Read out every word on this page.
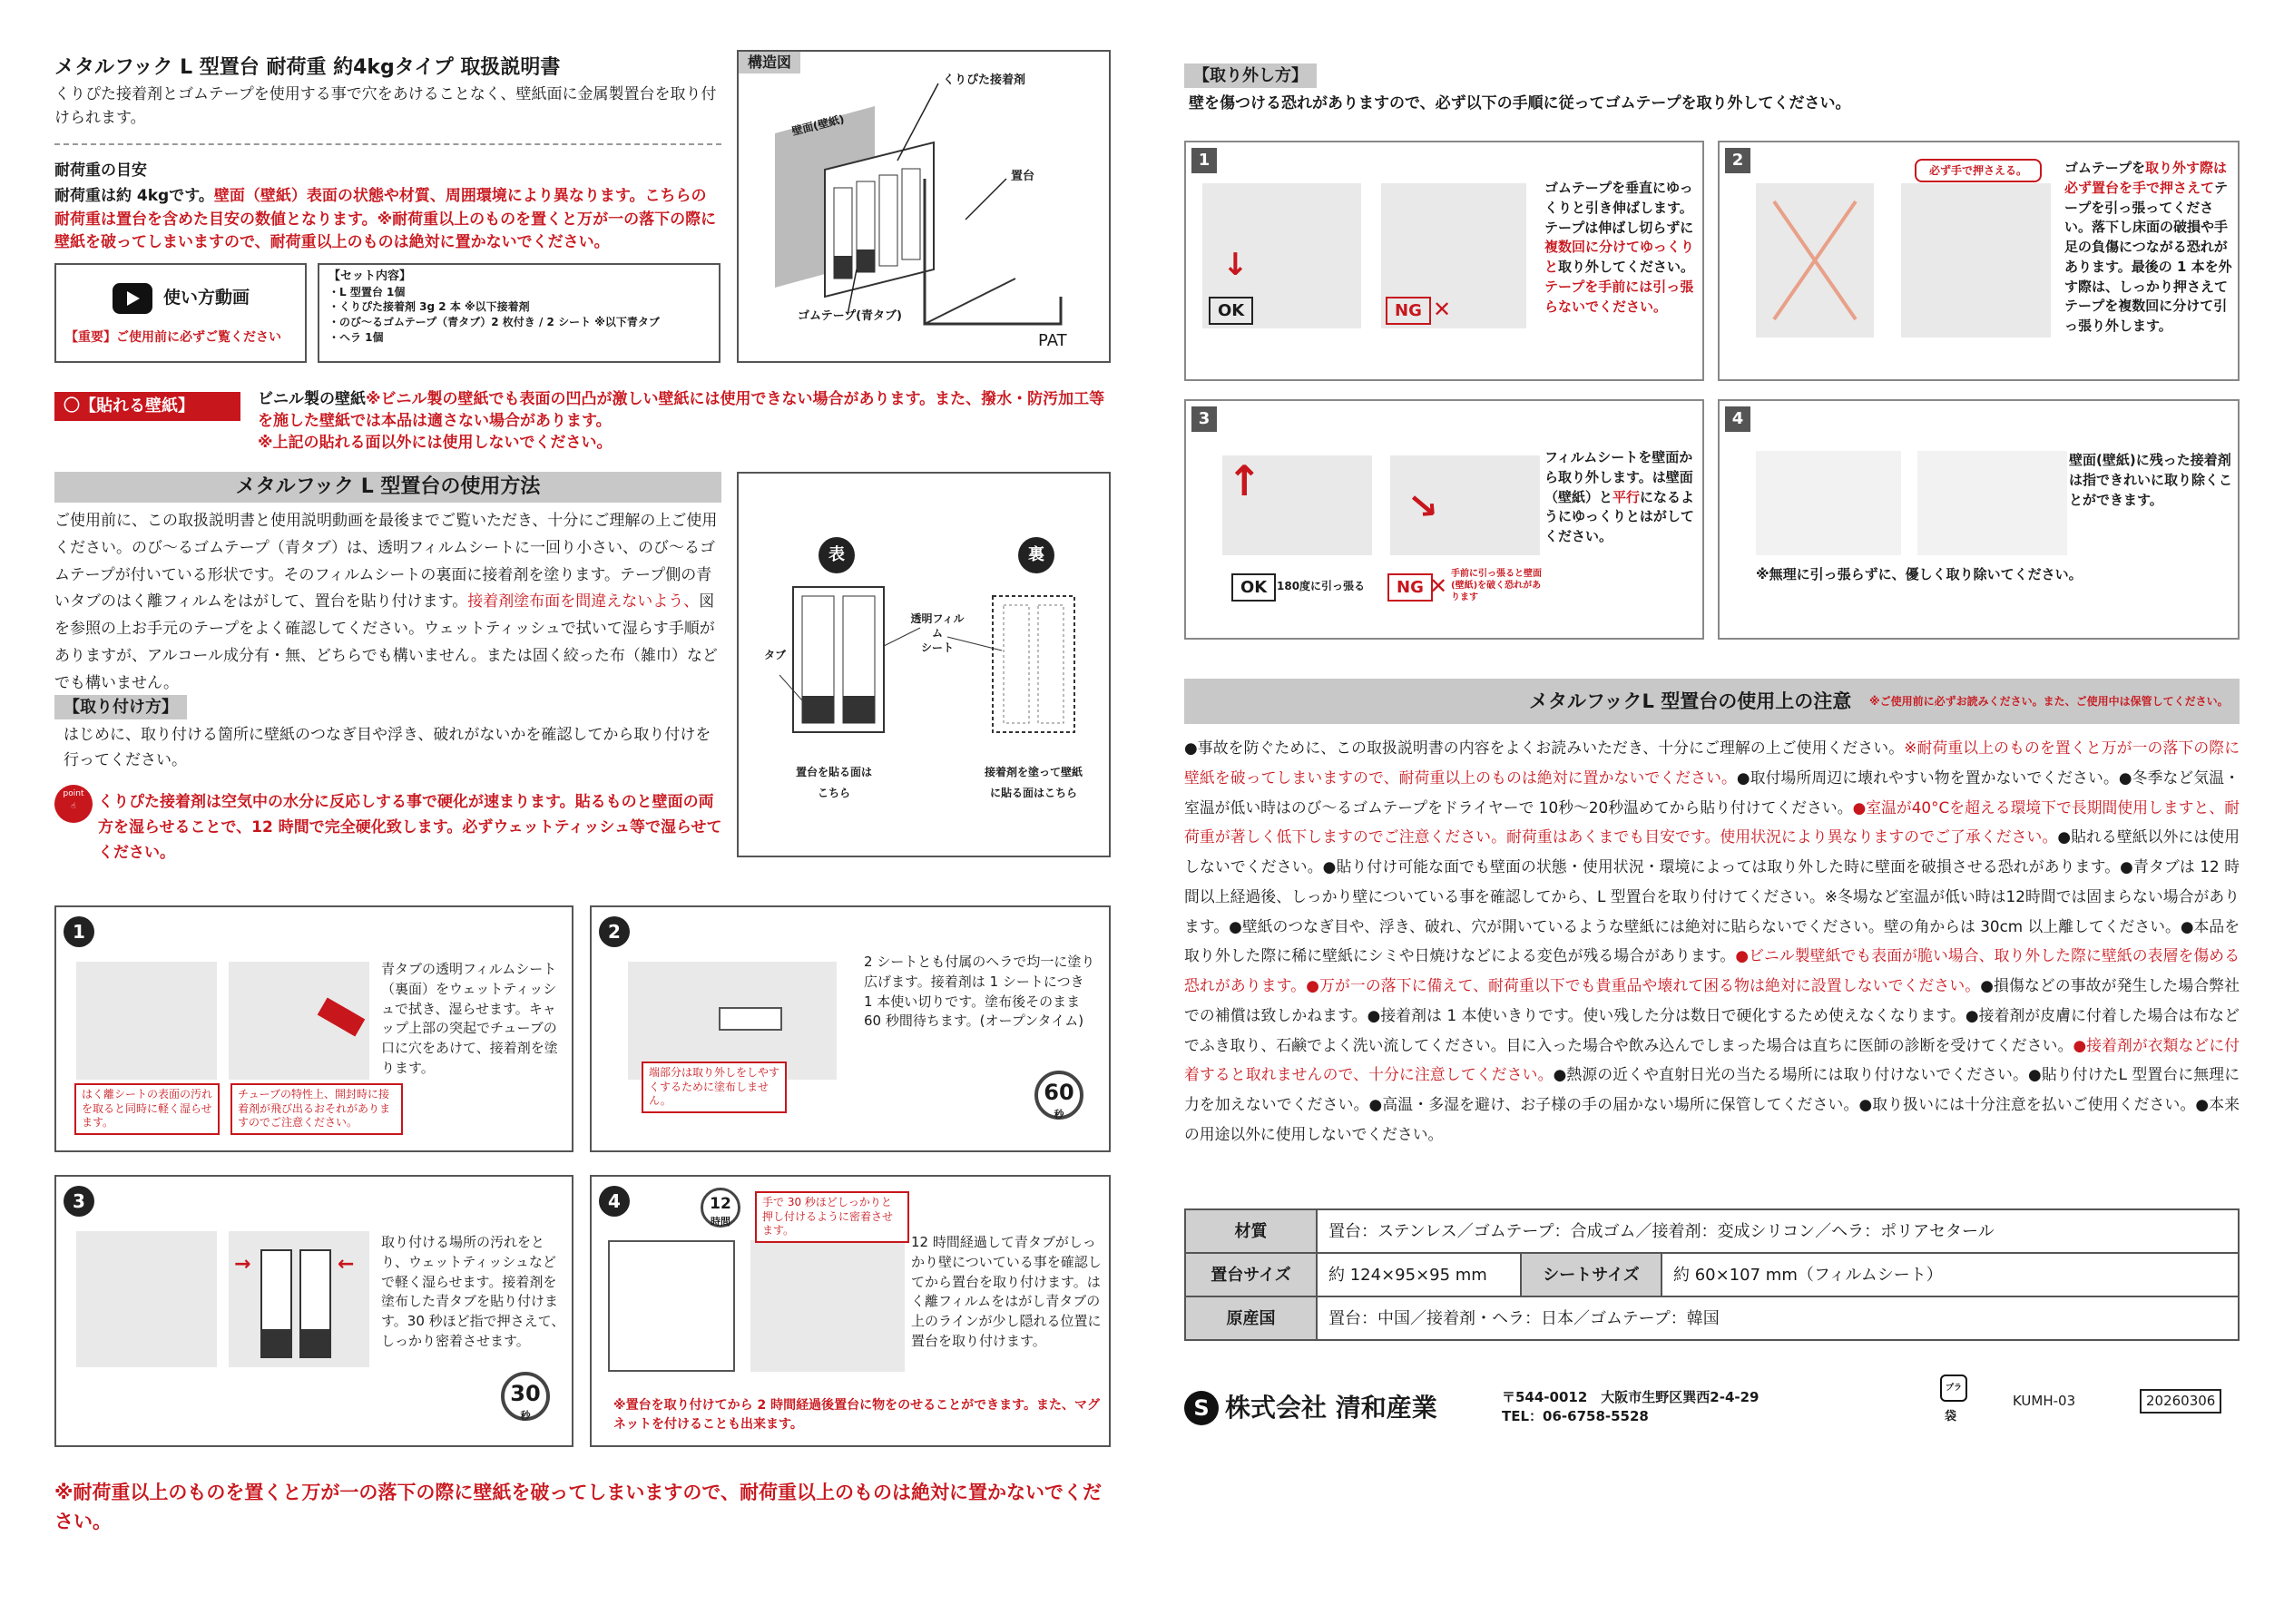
メタルフック L 型置台 耐荷重 約4kgタイプ 取扱説明書
くりぴた接着剤とゴムテープを使用する事で穴をあけることなく、壁紙面に金属製置台を取り付けられます。
耐荷重の目安
耐荷重は約 4kgです。壁面（壁紙）表面の状態や材質、周囲環境により異なります。こちらの耐荷重は置台を含めた目安の数値となります。※耐荷重以上のものを置くと万が一の落下の際に壁紙を破ってしまいますので、耐荷重以上のものは絶対に置かないでください。
使い方動画
【重要】ご使用前に必ずご覧ください
【セット内容】
・L 型置台 1個
・くりぴた接着剤 3g 2 本 ※以下接着剤
・のび～るゴムテープ（青タブ）2 枚付き / 2 シート ※以下青タブ
・ヘラ 1個
構造図
くりぴた接着剤
壁面(壁紙)
置台
ゴムテープ(青タブ)
PAT
〇【貼れる壁紙】	ビニル製の壁紙※ビニル製の壁紙でも表面の凹凸が激しい壁紙には使用できない場合があります。また、撥水・防汚加工等を施した壁紙では本品は適さない場合があります。
※上記の貼れる面以外には使用しないでください。
メタルフック L 型置台の使用方法
ご使用前に、この取扱説明書と使用説明動画を最後までご覧いただき、十分にご理解の上ご使用ください。のび～るゴムテープ（青タブ）は、透明フィルムシートに一回り小さい、のび～るゴムテープが付いている形状です。そのフィルムシートの裏面に接着剤を塗ります。テープ側の青いタブのはく離フィルムをはがして、置台を貼り付けます。接着剤塗布面を間違えないよう、図を参照の上お手元のテープをよく確認してください。ウェットティッシュで拭いて湿らす手順がありますが、アルコール成分有・無、どちらでも構いません。または固く絞った布（雑巾）などでも構いません。
表	裏
透明フィルム
シート
タブ
置台を貼る面は
こちら
接着剤を塗って壁紙
に貼る面はこちら
【取り付け方】
はじめに、取り付ける箇所に壁紙のつなぎ目や浮き、破れがないかを確認してから取り付けを行ってください。
point
☝	くりぴた接着剤は空気中の水分に反応しする事で硬化が速まります。貼るものと壁面の両方を湿らせることで、12 時間で完全硬化致します。必ずウェットティッシュ等で湿らせてください。
1
青タブの透明フィルムシート（裏面）をウェットティッシュで拭き、湿らせます。キャップ上部の突起でチューブの口に穴をあけて、接着剤を塗ります。
はく離シートの表面の汚れを取ると同時に軽く湿らせます。
チューブの特性上、開封時に接着剤が飛び出るおそれがありますのでご注意ください。
2
2 シートとも付属のヘラで均一に塗り広げます。接着剤は 1 シートにつき 1 本使い切りです。塗布後そのまま 60 秒間待ちます。(オープンタイム)
端部分は取り外しをしやすくするために塗布しません。	60
秒
3
→	←
取り付ける場所の汚れをとり、ウェットティッシュなどで軽く湿らせます。接着剤を塗布した青タブを貼り付けます。30 秒ほど指で押さえて、しっかり密着させます。
30
秒
4	12
時間
手で 30 秒ほどしっかりと押し付けるように密着させます。
12 時間経過して青タブがしっかり壁についている事を確認してから置台を取り付けます。はく離フィルムをはがし青タブの上のラインが少し隠れる位置に置台を取り付けます。
※置台を取り付けてから 2 時間経過後置台に物をのせることができます。また、マグネットを付けることも出来ます。
※耐荷重以上のものを置くと万が一の落下の際に壁紙を破ってしまいますので、耐荷重以上のものは絶対に置かないでください。
【取り外し方】
壁を傷つける恐れがありますので、必ず以下の手順に従ってゴムテープを取り外してください。
1
↓
OK	NG ✕
ゴムテープを垂直にゆっくりと引き伸ばします。テープは伸ばし切らずに複数回に分けてゆっくりと取り外してください。テープを手前には引っ張らないでください。
2
必ず手で押さえる。	ゴムテープを取り外す際は必ず置台を手で押さえてテープを引っ張ってください。落下し床面の破損や手足の負傷につながる恐れがあります。最後の 1 本を外す際は、しっかり押さえてテープを複数回に分けて引っ張り外します。
3
↑	→
OK 180度に引っ張る	NG ✕ 手前に引っ張ると壁面(壁紙)を破く恐れがあります
フィルムシートを壁面から取り外します。は壁面（壁紙）と平行になるようにゆっくりとはがしてください。
4
壁面(壁紙)に残った接着剤は指できれいに取り除くことができます。
※無理に引っ張らずに、優しく取り除いてください。
メタルフックL 型置台の使用上の注意 ※ご使用前に必ずお読みください。また、ご使用中は保管してください。
●事故を防ぐために、この取扱説明書の内容をよくお読みいただき、十分にご理解の上ご使用ください。※耐荷重以上のものを置くと万が一の落下の際に壁紙を破ってしまいますので、耐荷重以上のものは絶対に置かないでください。●取付場所周辺に壊れやすい物を置かないでください。●冬季など気温・室温が低い時はのび～るゴムテープをドライヤーで 10秒～20秒温めてから貼り付けてください。●室温が40°Cを超える環境下で長期間使用しますと、耐荷重が著しく低下しますのでご注意ください。耐荷重はあくまでも目安です。使用状況により異なりますのでご了承ください。●貼れる壁紙以外には使用しないでください。●貼り付け可能な面でも壁面の状態・使用状況・環境によっては取り外した時に壁面を破損させる恐れがあります。●青タブは 12 時間以上経過後、しっかり壁についている事を確認してから、L 型置台を取り付けてください。※冬場など室温が低い時は12時間では固まらない場合があります。●壁紙のつなぎ目や、浮き、破れ、穴が開いているような壁紙には絶対に貼らないでください。壁の角からは 30cm 以上離してください。●本品を取り外した際に稀に壁紙にシミや日焼けなどによる変色が残る場合があります。●ビニル製壁紙でも表面が脆い場合、取り外した際に壁紙の表層を傷める恐れがあります。●万が一の落下に備えて、耐荷重以下でも貴重品や壊れて困る物は絶対に設置しないでください。●損傷などの事故が発生した場合弊社での補償は致しかねます。●接着剤は 1 本使いきりです。使い残した分は数日で硬化するため使えなくなります。●接着剤が皮膚に付着した場合は布などでふき取り、石鹸でよく洗い流してください。目に入った場合や飲み込んでしまった場合は直ちに医師の診断を受けてください。●接着剤が衣類などに付着すると取れませんので、十分に注意してください。●熱源の近くや直射日光の当たる場所には取り付けないでください。●貼り付けたL 型置台に無理に力を加えないでください。●高温・多湿を避け、お子様の手の届かない場所に保管してください。●取り扱いには十分注意を払いご使用ください。●本来の用途以外に使用しないでください。
材質	置台：ステンレス／ゴムテープ：合成ゴム／接着剤：変成シリコン／ヘラ：ポリアセタール		
置台サイズ	約 124×95×95 mm	シートサイズ	約 60×107 mm（フィルムシート）
原産国	置台：中国／接着剤・ヘラ：日本／ゴムテープ：韓国		
S 株式会社 清和産業	〒544-0012　大阪市生野区巽西2-4-29
TEL：06-6758-5528
プラ
袋
KUMH-03	20260306
